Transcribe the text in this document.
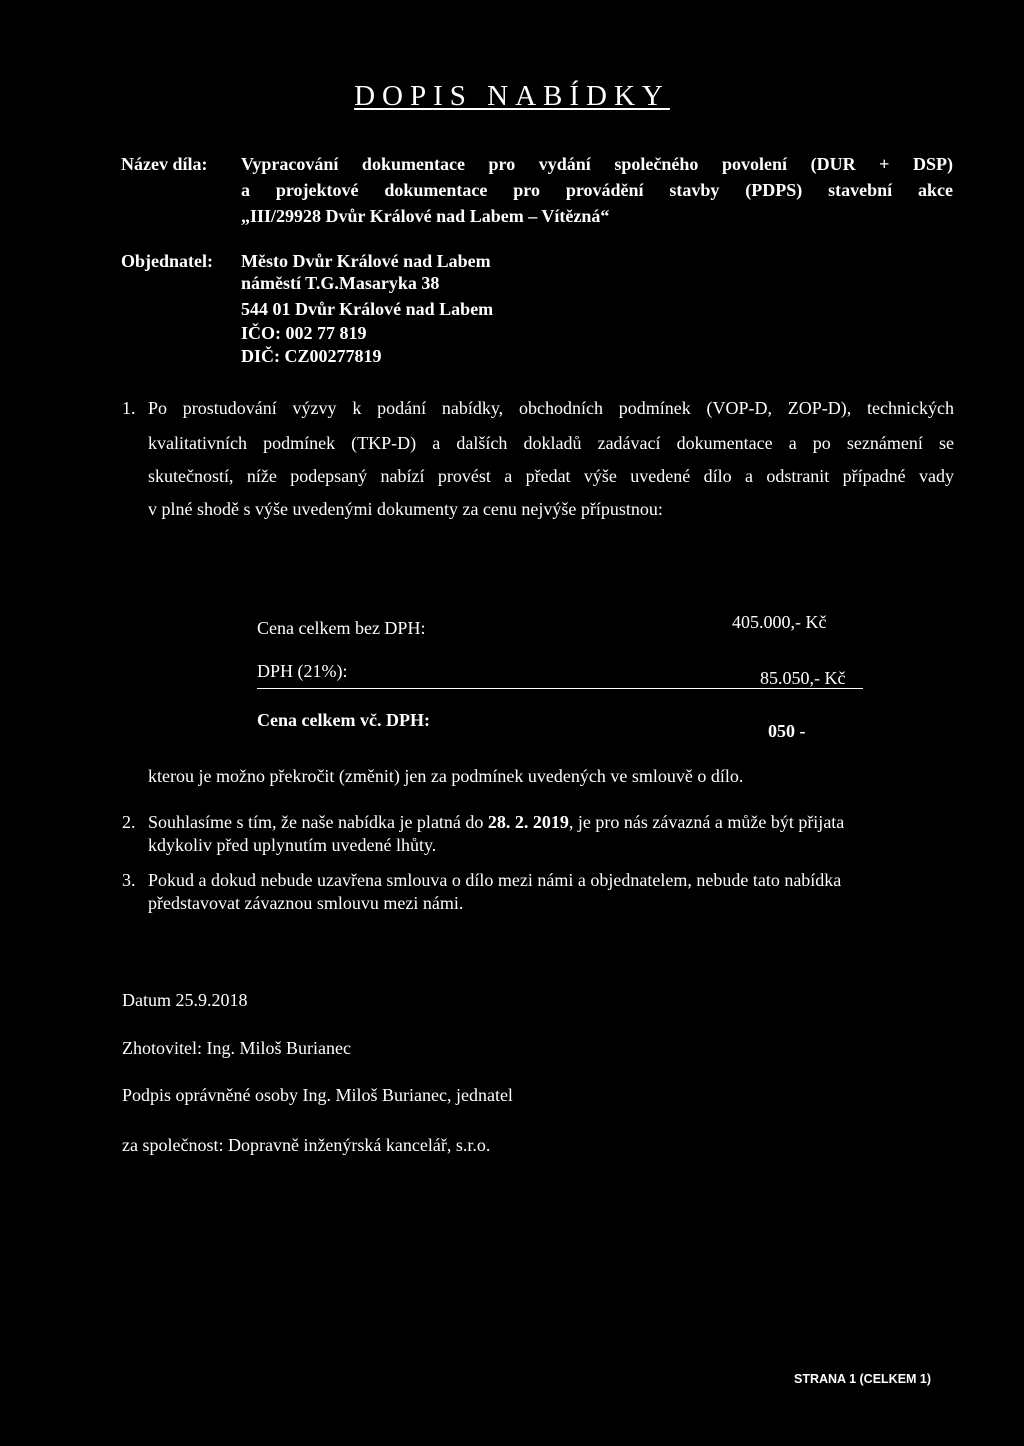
DOPIS NABÍDKY
Název díla: Vypracování dokumentace pro vydání společného povolení (DUR + DSP)
a projektové dokumentace pro provádění stavby (PDPS) stavební akce
„III/29928 Dvůr Králové nad Labem – Vítězná“
Objednatel: Město Dvůr Králové nad Labem
náměstí T.G.Masaryka 38
544 01 Dvůr Králové nad Labem
IČO: 002 77 819
DIČ: CZ00277819
1. Po prostudování výzvy k podání nabídky, obchodních podmínek (VOP-D, ZOP-D), technických
kvalitativních podmínek (TKP-D) a dalších dokladů zadávací dokumentace a po seznámení se
skutečností, níže podepsaný nabízí provést a předat výše uvedené dílo a odstranit případné vady
v plné shodě s výše uvedenými dokumenty za cenu nejvýše přípustnou:
Cena celkem bez DPH:	405.000,- Kč
DPH (21%):	85.050,- Kč
Cena celkem vč. DPH:
050 -
kterou je možno překročit (změnit) jen za podmínek uvedených ve smlouvě o dílo.
2. Souhlasíme s tím, že naše nabídka je platná do 28. 2. 2019, je pro nás závazná a může být přijata
kdykoliv před uplynutím uvedené lhůty.
3. Pokud a dokud nebude uzavřena smlouva o dílo mezi námi a objednatelem, nebude tato nabídka
představovat závaznou smlouvu mezi námi.
Datum 25.9.2018
Zhotovitel: Ing. Miloš Burianec
Podpis oprávněné osoby Ing. Miloš Burianec, jednatel
za společnost: Dopravně inženýrská kancelář, s.r.o.
STRANA 1 (CELKEM 1)
